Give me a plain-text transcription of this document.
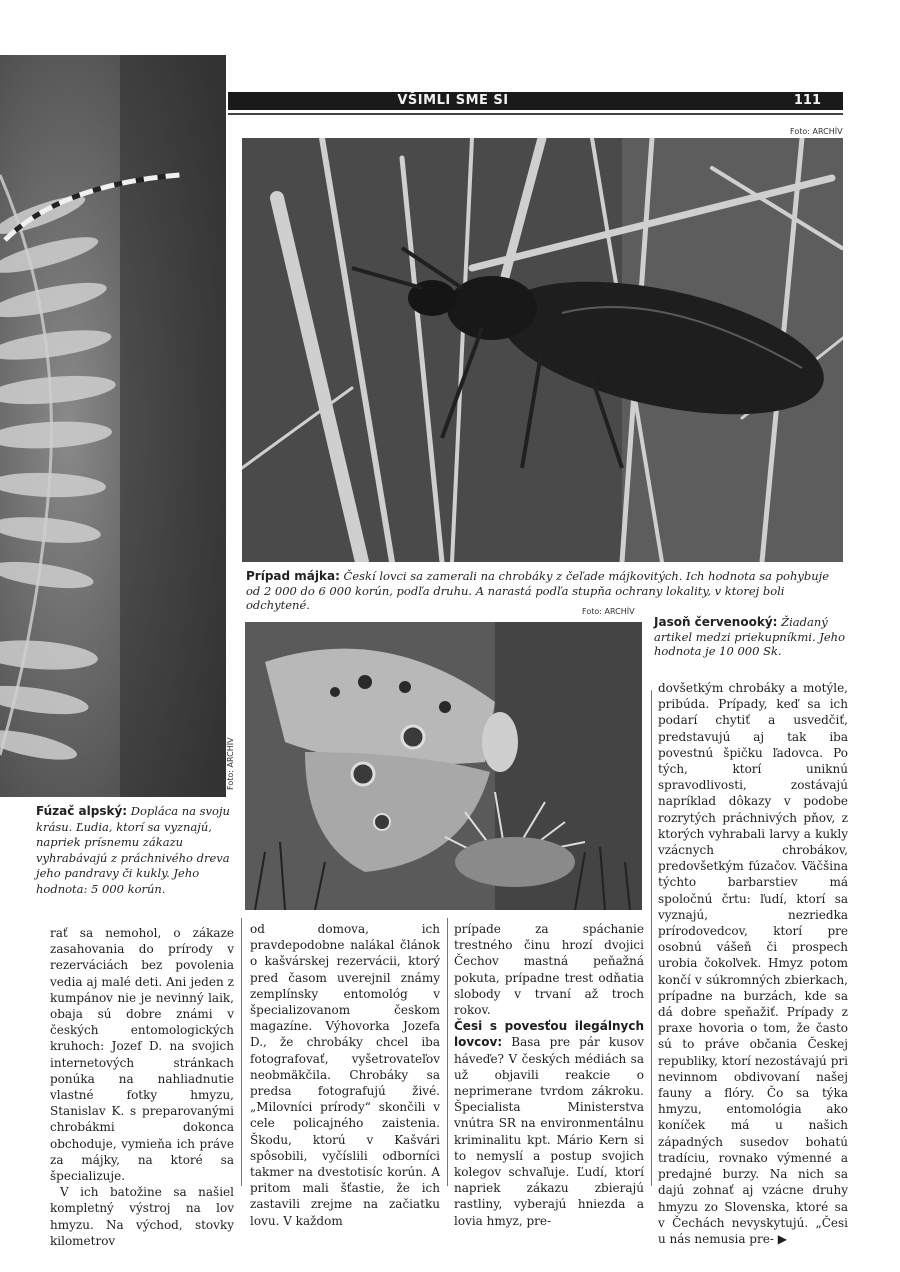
VŠIMLI SME SI	111
Foto: ARCHÍV
Foto: ARCHÍV
Prípad májka: Českí lovci sa zamerali na chrobáky z čeľade májkovitých. Ich hodnota sa pohybuje od 2 000 do 6 000 korún, podľa druhu. A narastá podľa stupňa ochrany lokality, v ktorej boli odchytené.	Foto: ARCHÍV
Jasoň červenooký: Žiadaný artikel medzi priekupníkmi. Jeho hodnota je 10 000 Sk.
Fúzač alpský: Dopláca na svoju krásu. Ľudia, ktorí sa vyznajú, napriek prísnemu zákazu vyhrabávajú z práchnivého dreva jeho pandravy či kukly. Jeho hodnota: 5 000 korún.

rať sa nemohol, o zákaze zasahovania do prírody v rezerváciách bez povolenia vedia aj malé deti. Ani jeden z kumpánov nie je nevinný laik, obaja sú dobre známi v českých entomologických kruhoch: Jozef D. na svojich internetových stránkach ponúka na nahliadnutie vlastné fotky hmyzu, Stanislav K. s preparovanými chrobákmi dokonca obchoduje, vymieňa ich práve za májky, na ktoré sa špecializuje.

V ich batožine sa našiel kompletný výstroj na lov hmyzu. Na východ, stovky kilometrov

od domova, ich pravdepodobne nalákal článok o kašvárskej rezervácii, ktorý pred časom uverejnil známy zemplínsky entomológ v špecializovanom českom magazíne. Výhovorka Jozefa D., že chrobáky chcel iba fotografovať, vyšetrovateľov neobmäkčila. Chrobáky sa predsa fotografujú živé. „Milovníci prírody“ skončili v cele policajného zaistenia. Škodu, ktorú v Kašvári spôsobili, vyčíslili odborníci takmer na dvestotisíc korún. A pritom mali šťastie, že ich zastavili zrejme na začiatku lovu. V každom

prípade za spáchanie trestného činu hrozí dvojici Čechov mastná peňažná pokuta, prípadne trest odňatia slobody v trvaní až troch rokov.

Česi s povesťou ilegálnych lovcov: Basa pre pár kusov háveďe? V českých médiách sa už objavili reakcie o neprimerane tvrdom zákroku. Špecialista Ministerstva vnútra SR na environmentálnu kriminalitu kpt. Mário Kern si to nemyslí a postup svojich kolegov schvaľuje. Ľudí, ktorí napriek zákazu zbierajú rastliny, vyberajú hniezda a lovia hmyz, pre-

dovšetkým chrobáky a motýle, pribúda. Prípady, keď sa ich podarí chytiť a usvedčiť, predstavujú aj tak iba povestnú špičku ľadovca. Po tých, ktorí uniknú spravodlivosti, zostávajú napríklad dôkazy v podobe rozrytých práchnivých pňov, z ktorých vyhrabali larvy a kukly vzácnych chrobákov, predovšetkým fúzačov. Väčšina týchto barbarstiev má spoločnú črtu: ľudí, ktorí sa vyznajú, nezriedka prírodovedcov, ktorí pre osobnú vášeň či prospech urobia čokoľvek. Hmyz potom končí v súkromných zbierkach, prípadne na burzách, kde sa dá dobre speňažiť. Prípady z praxe hovoria o tom, že často sú to práve občania Českej republiky, ktorí nezostávajú pri nevinnom obdivovaní našej fauny a flóry. Čo sa týka hmyzu, entomológia ako koníček má u našich západných susedov bohatú tradíciu, rovnako výmenné a predajné burzy. Na nich sa dajú zohnať aj vzácne druhy hmyzu zo Slovenska, ktoré sa v Čechách nevyskytujú. „Česi u nás nemusia pre- ▶
